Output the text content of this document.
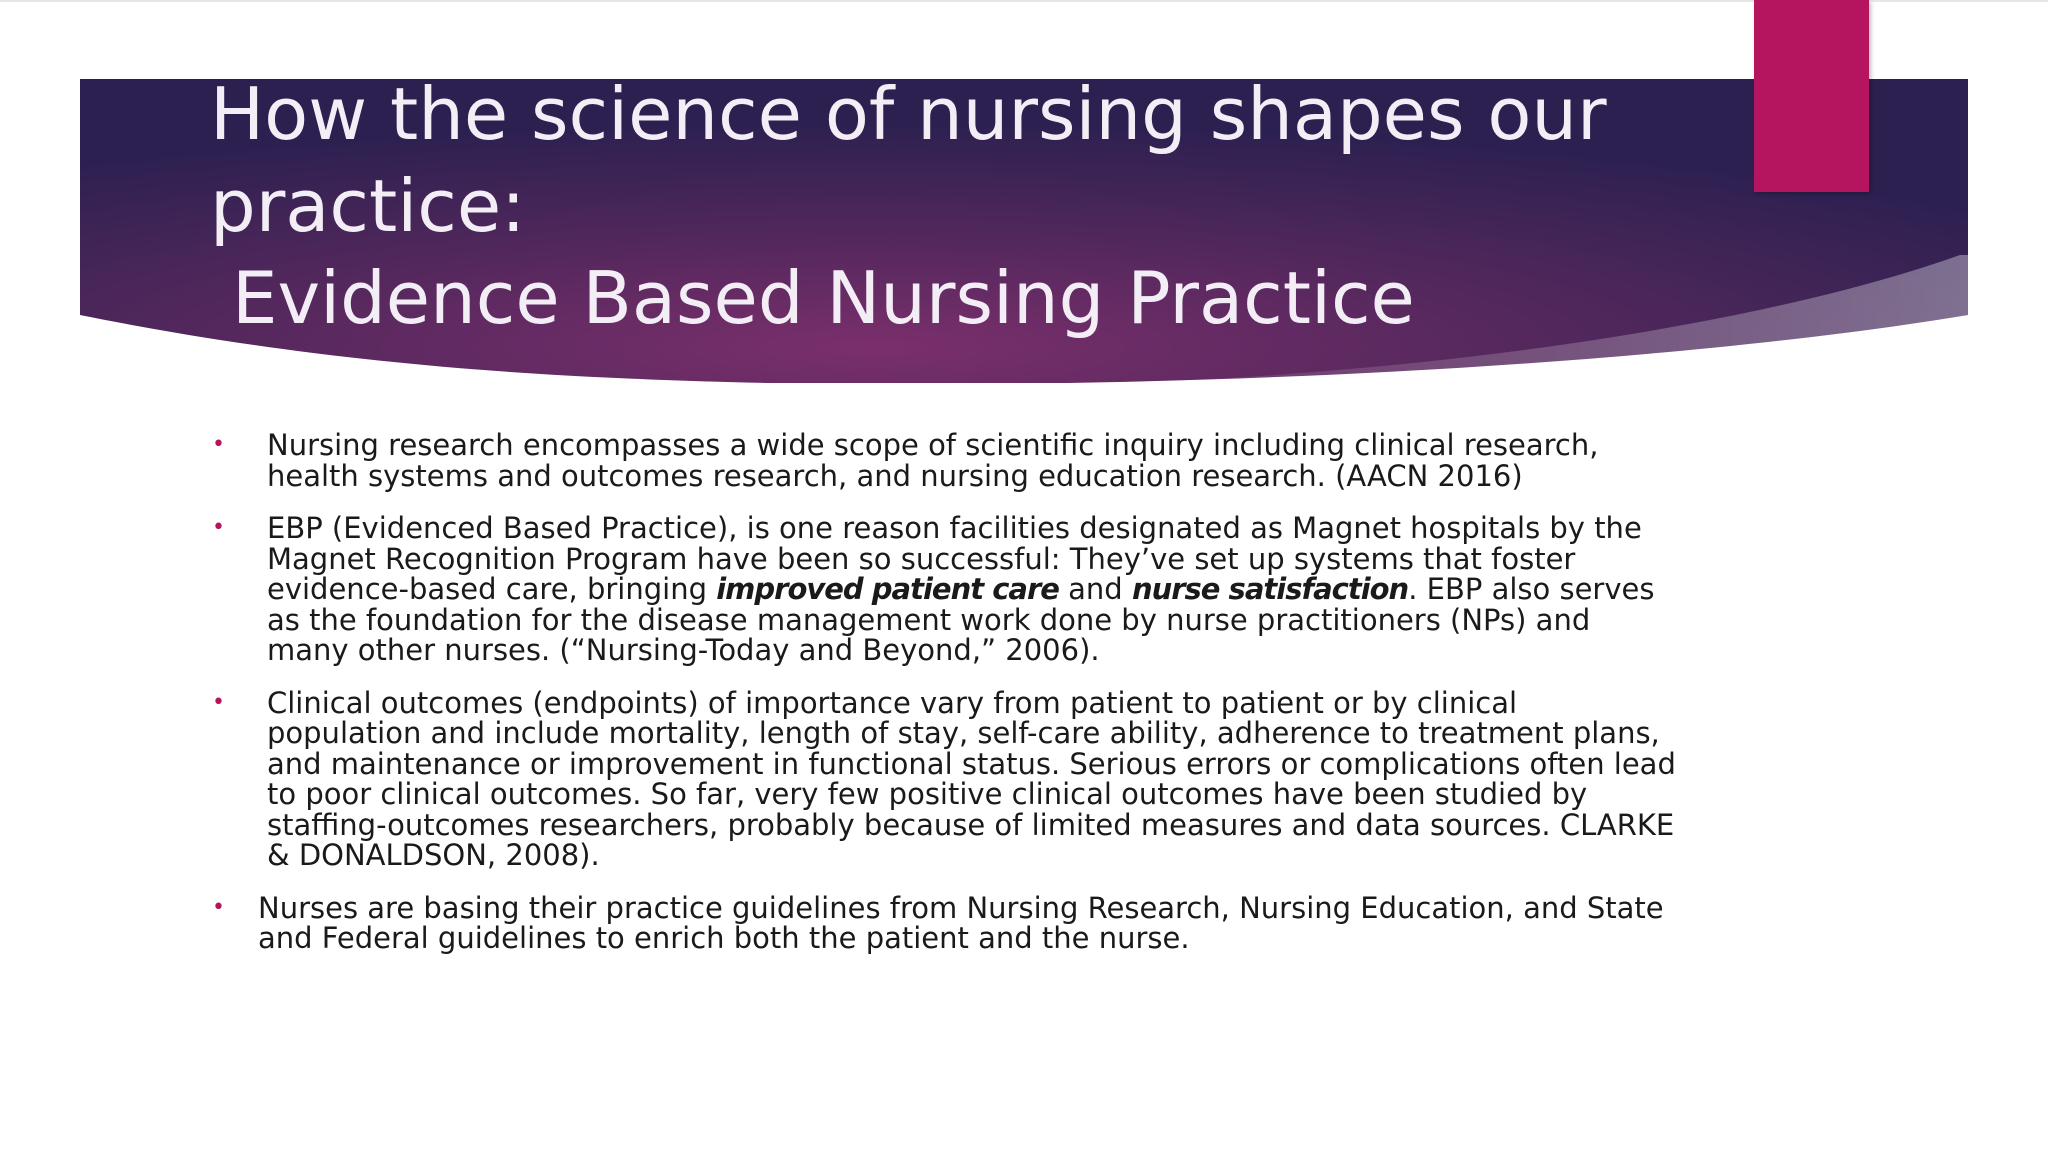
How the science of nursing shapes our
practice:
Evidence Based Nursing Practice
• Nursing research encompasses a wide scope of scientific inquiry including clinical research, health systems and outcomes research, and nursing education research. (AACN 2016)
• EBP (Evidenced Based Practice), is one reason facilities designated as Magnet hospitals by the Magnet Recognition Program have been so successful: They’ve set up systems that foster evidence-based care, bringing improved patient care and nurse satisfaction. EBP also serves as the foundation for the disease management work done by nurse practitioners (NPs) and many other nurses. (“Nursing-Today and Beyond,” 2006).
• Clinical outcomes (endpoints) of importance vary from patient to patient or by clinical population and include mortality, length of stay, self-care ability, adherence to treatment plans, and maintenance or improvement in functional status. Serious errors or complications often lead to poor clinical outcomes. So far, very few positive clinical outcomes have been studied by staffing-outcomes researchers, probably because of limited measures and data sources. CLARKE & DONALDSON, 2008).
• Nurses are basing their practice guidelines from Nursing Research, Nursing Education, and State and Federal guidelines to enrich both the patient and the nurse.
